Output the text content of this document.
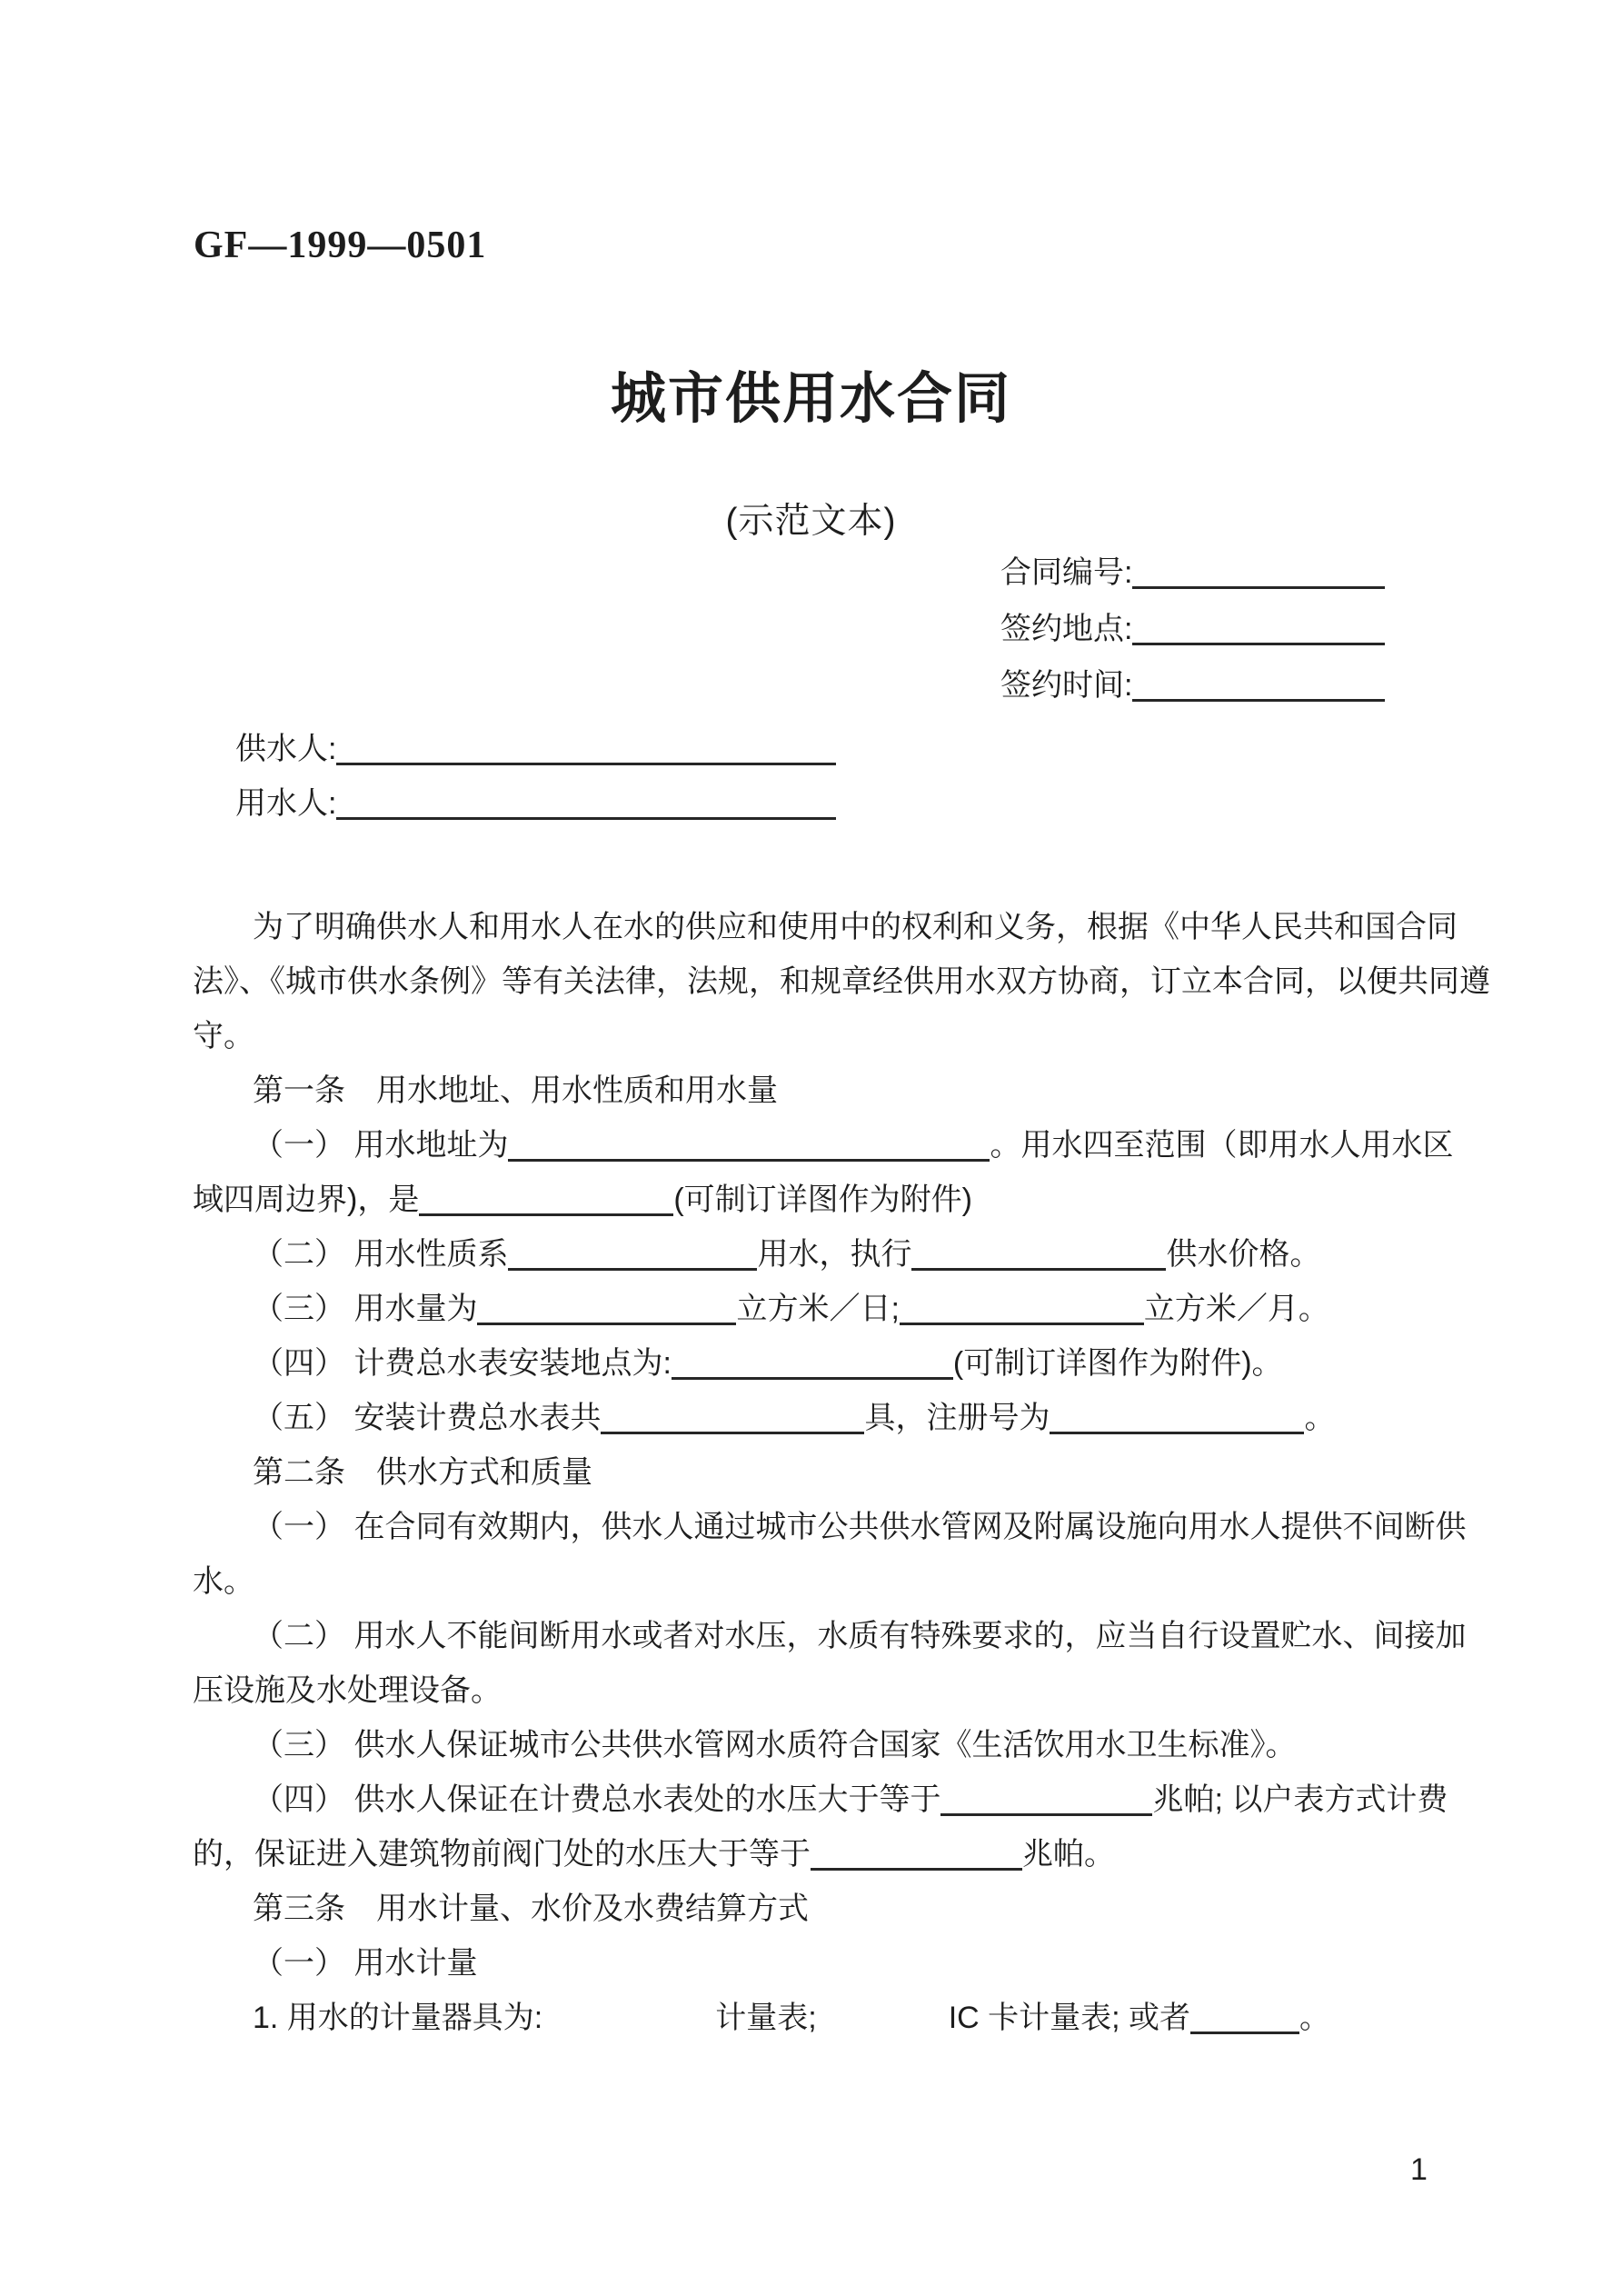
GF—1999—0501
城市供用水合同
(示范文本)
合同编号:
签约地点:
签约时间:
供水人:
用水人:
为了明确供水人和用水人在水的供应和使用中的权利和义务，根据《中华人民共和国合同
法》、《城市供水条例》等有关法律，法规，和规章经供用水双方协商，订立本合同，以便共同遵
守。
第一条　用水地址、用水性质和用水量
（一） 用水地址为	。用水四至范围（即用水人用水区
域四周边界)，是	(可制订详图作为附件)
（二） 用水性质系	用水，执行	供水价格。
（三） 用水量为	立方米／日;	立方米／月。
（四） 计费总水表安装地点为:	(可制订详图作为附件)。
（五） 安装计费总水表共	具，注册号为	。
第二条　供水方式和质量
（一） 在合同有效期内，供水人通过城市公共供水管网及附属设施向用水人提供不间断供
水。
（二） 用水人不能间断用水或者对水压，水质有特殊要求的，应当自行设置贮水、间接加
压设施及水处理设备。
（三） 供水人保证城市公共供水管网水质符合国家《生活饮用水卫生标准》。
（四） 供水人保证在计费总水表处的水压大于等于	兆帕; 以户表方式计费
的，保证进入建筑物前阀门处的水压大于等于	兆帕。
第三条　用水计量、水价及水费结算方式
（一） 用水计量
1. 用水的计量器具为:	计量表;	IC 卡计量表; 或者	。
1
